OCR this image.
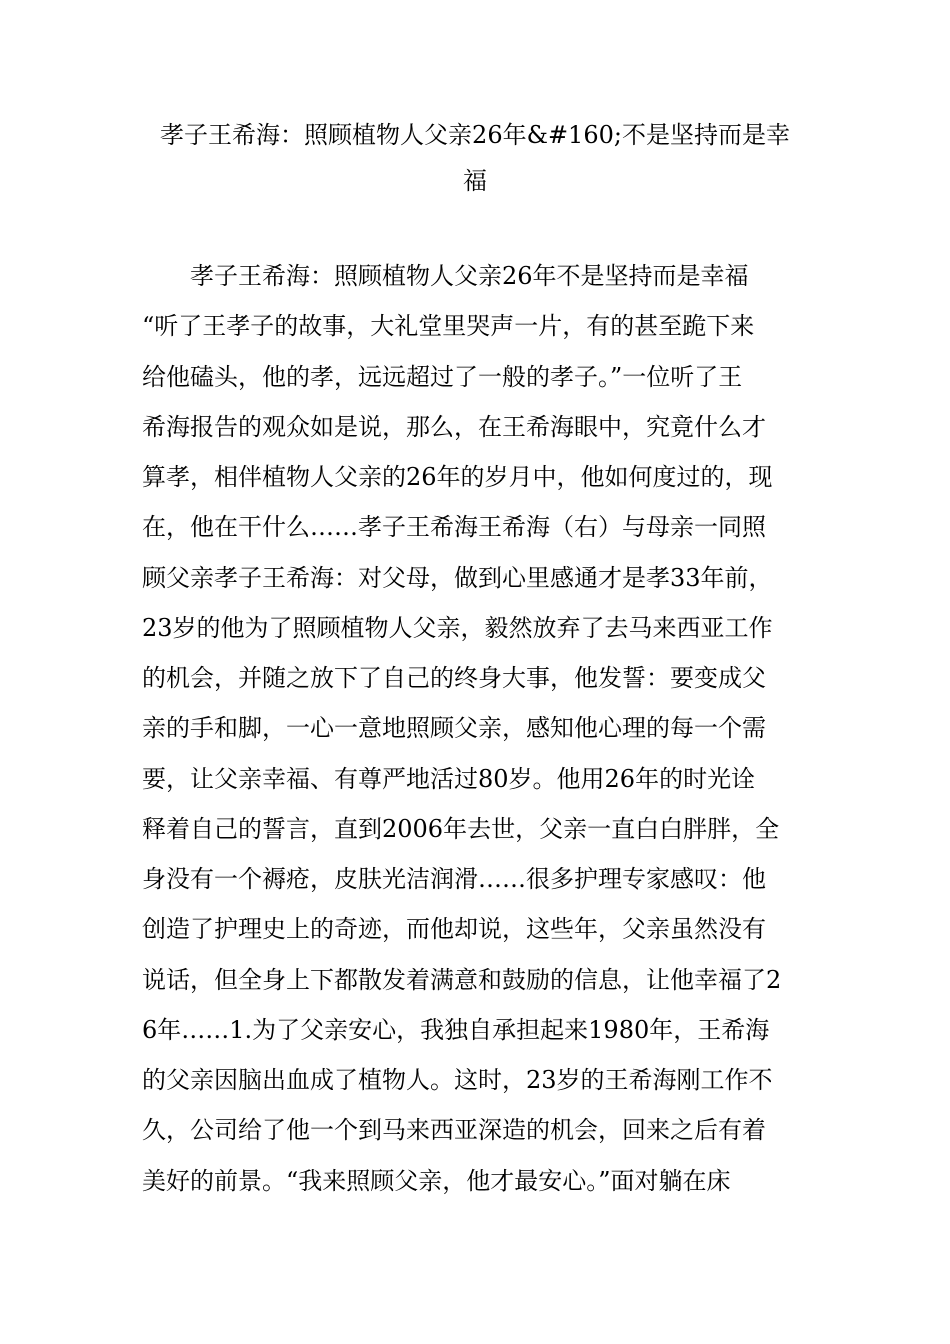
孝子王希海：照顾植物人父亲26年&#160;不是坚持而是幸
福
孝子王希海：照顾植物人父亲26年不是坚持而是幸福
“听了王孝子的故事，大礼堂里哭声一片，有的甚至跪下来
给他磕头，他的孝，远远超过了一般的孝子。”一位听了王
希海报告的观众如是说，那么，在王希海眼中，究竟什么才
算孝，相伴植物人父亲的26年的岁月中，他如何度过的，现
在，他在干什么……孝子王希海王希海（右）与母亲一同照
顾父亲孝子王希海：对父母，做到心里感通才是孝33年前，
23岁的他为了照顾植物人父亲，毅然放弃了去马来西亚工作
的机会，并随之放下了自己的终身大事，他发誓：要变成父
亲的手和脚，一心一意地照顾父亲，感知他心理的每一个需
要，让父亲幸福、有尊严地活过80岁。他用26年的时光诠
释着自己的誓言，直到2006年去世，父亲一直白白胖胖，全
身没有一个褥疮，皮肤光洁润滑……很多护理专家感叹：他
创造了护理史上的奇迹，而他却说，这些年，父亲虽然没有
说话，但全身上下都散发着满意和鼓励的信息，让他幸福了2
6年……1.为了父亲安心，我独自承担起来1980年，王希海
的父亲因脑出血成了植物人。这时，23岁的王希海刚工作不
久，公司给了他一个到马来西亚深造的机会，回来之后有着
美好的前景。“我来照顾父亲，他才最安心。”面对躺在床
